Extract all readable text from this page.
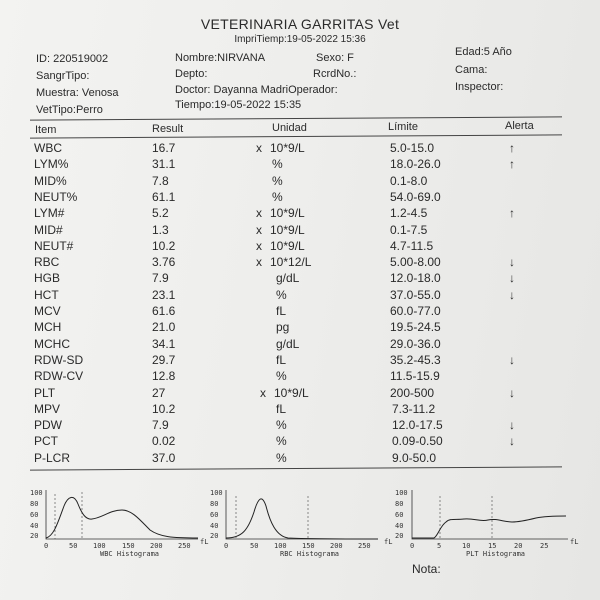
VETERINARIA GARRITAS Vet
ImpriTiemp:19-05-2022 15:36
ID: 220519002	Nombre:NIRVANA	Sexo: F	Edad:5 Año
SangrTipo:	Depto:	RcrdNo.:	Cama:
Muestra: Venosa	Doctor: Dayanna MadriOperador:	Inspector:
VetTipo:Perro	Tiempo:19-05-2022 15:35
Item	Result	Unidad	Límite	Alerta
WBC	16.7	x 10*9/L	5.0-15.0	↑
LYM%	31.1	%	18.0-26.0	↑
MID%	7.8	%	0.1-8.0
NEUT%	61.1	%	54.0-69.0
LYM#	5.2	x 10*9/L	1.2-4.5	↑
MID#	1.3	x 10*9/L	0.1-7.5
NEUT#	10.2	x 10*9/L	4.7-11.5
RBC	3.76	x 10*12/L	5.00-8.00	↓
HGB	7.9	g/dL	12.0-18.0	↓
HCT	23.1	%	37.0-55.0	↓
MCV	61.6	fL	60.0-77.0
MCH	21.0	pg	19.5-24.5
MCHC	34.1	g/dL	29.0-36.0
RDW-SD	29.7	fL	35.2-45.3	↓
RDW-CV	12.8	%	11.5-15.9
PLT	27	x 10*9/L	200-500	↓
MPV	10.2	fL	7.3-11.2
PDW	7.9	%	12.0-17.5	↓
PCT	0.02	%	0.09-0.50	↓
P-LCR	37.0	%	9.0-50.0
100
80
60
40
20
0	50 100 150 200 250 fL
WBC Histograma
100
80
60
40
20
0	50 100 150 200 250
RBC Histograma
fL
100
80
60
40
20
0	5	10	15	20	25	fL
PLT Histograma
Nota:
